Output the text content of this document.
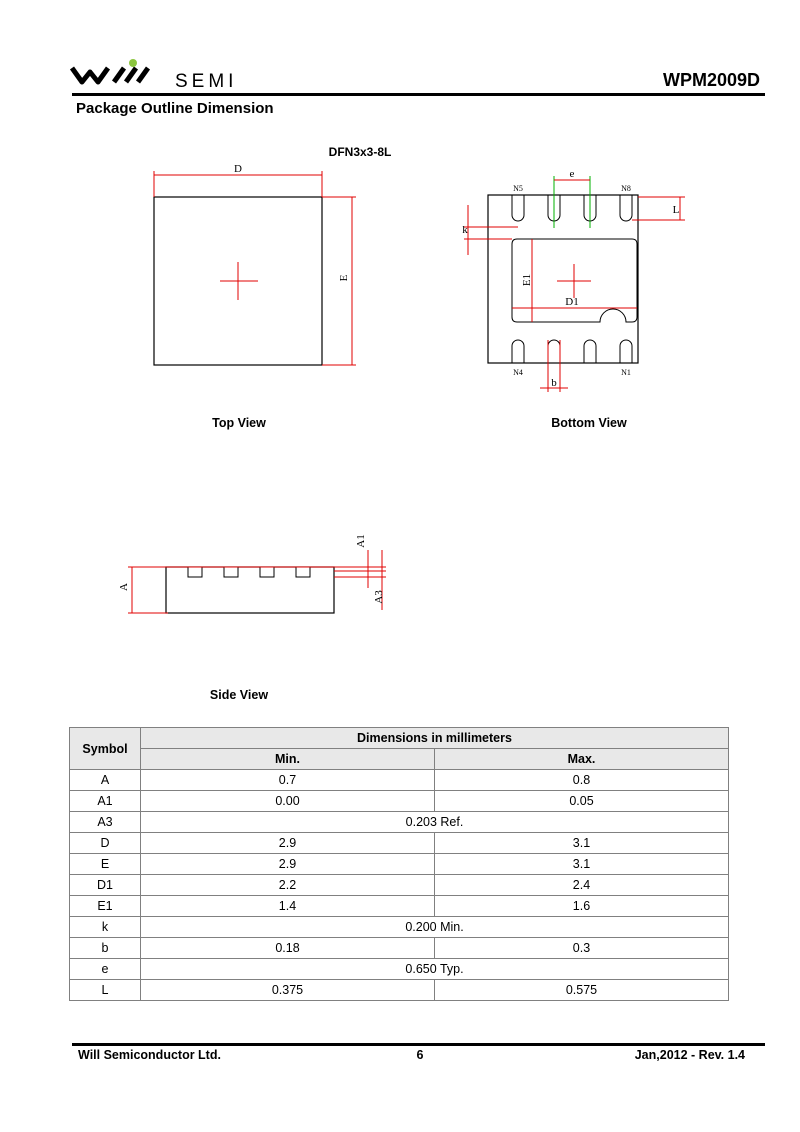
SEMI	WPM2009D
Package Outline Dimension
DFN3x3-8L
D
E
e
L
k
E1
D1
b
N5	N8
N4	N1
Top View	Bottom View
A
A1
A3
Side View
Symbol	Dimensions in millimeters	
	Min.	Max.
A	0.7	0.8
A1	0.00	0.05
A3	0.203 Ref.	
D	2.9	3.1
E	2.9	3.1
D1	2.2	2.4
E1	1.4	1.6
k	0.200 Min.	
b	0.18	0.3
e	0.650 Typ.	
L	0.375	0.575
Will Semiconductor Ltd.	6	Jan,2012 - Rev. 1.4
